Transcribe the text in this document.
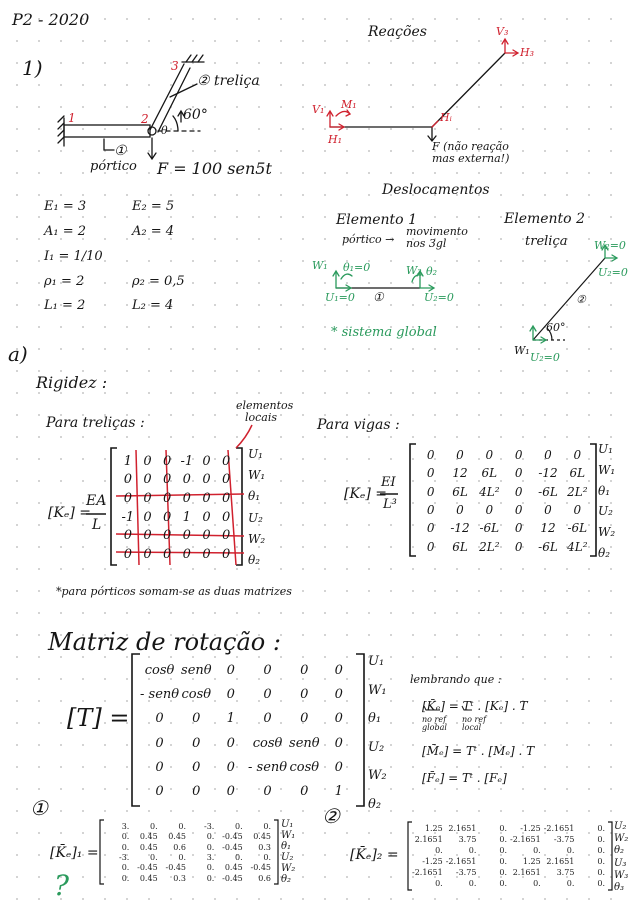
P2 - 2020
1)
1	2
3
② treliça
60°
θ
①
pórtico F = 100 sen5t
Reações
V₁ M₁
H₁
V₃
H₃
Hᵢ
F (não reação mas externa!)
E₁ = 3	E₂ = 5
A₁ = 2	A₂ = 4
I₁ = 1/10
ρ₁ = 2	ρ₂ = 0,5
L₁ = 2	L₂ = 4
Deslocamentos
Elemento 1
pórtico →
movimento nos 3gl
Elemento 2
treliça
W₁ θ₁=0
U₁=0 ①
W₂ θ₂
U₂=0
* sistema global
W₂=0
U₂=0
②
60°
W₁
U₂=0
a)
Rigidez :
Para treliças :
elementos locais
[Kₑ] =
EA
L
1 0 0 -1 0 0
0 0 0 0 0 0
0 0 0 0 0 0
-1 0 0 1 0 0
0 0 0 0 0 0
0 0 0 0 0 0
U₁
W₁
θ₁
U₂
W₂
θ₂
*para pórticos somam-se as duas matrizes
Para vigas :
[Kₑ] =
EI
L³
0	0	0	0	0	0
0	12	6L	0	-12 6L
0	6L 4L²	0	-6L 2L²
0	0	0	0	0	0
0	-12 -6L	0	12 -6L
0	6L 2L²	0	-6L 4L²
U₁
W₁
θ₁
U₂
W₂
θ₂
Matriz de rotação :
[T] =
cosθ senθ	0	0	0	0
- senθ cosθ	0	0	0	0
0	0	1	0	0	0
0	0	0	cosθ senθ	0
0	0	0	- senθ cosθ	0
0	0	0	0	0	1
U₁
W₁
θ₁
U₂
W₂
θ₂
lembrando que :
[K̄ₑ] = Tᵗ . [Kₑ] . T
no ref global
no ref local
[M̄ₑ] = Tᵗ . [Mₑ] . T
[F̄ₑ] = Tᵗ . [Fₑ]
①
[K̄ₑ]₁ =
3.	0.	0.	-3.	0.	0.
0.	0.45	0.45	0. -0.45	0.45
0.	0.45	0.6	0. -0.45	0.3
-3.	0.	0.	3.	0.	0.
0. -0.45 -0.45	0.	0.45 -0.45
0.	0.45	0.3	0. -0.45	0.6
U₁
W₁
θ₁
U₂
W₂
θ₂
?
②
[K̄ₑ]₂ =
1.25 2.1651	0.	-1.25 -2.1651	0.
2.1651	3.75	0. -2.1651	-3.75	0.
0.	0.	0.	0.	0.	0.
-1.25 -2.1651	0.	1.25 2.1651	0.
-2.1651	-3.75	0. 2.1651	3.75	0.
0.	0.	0.	0.	0.	0.
U₂
W₂
θ₂
U₃
W₃
θ₃
